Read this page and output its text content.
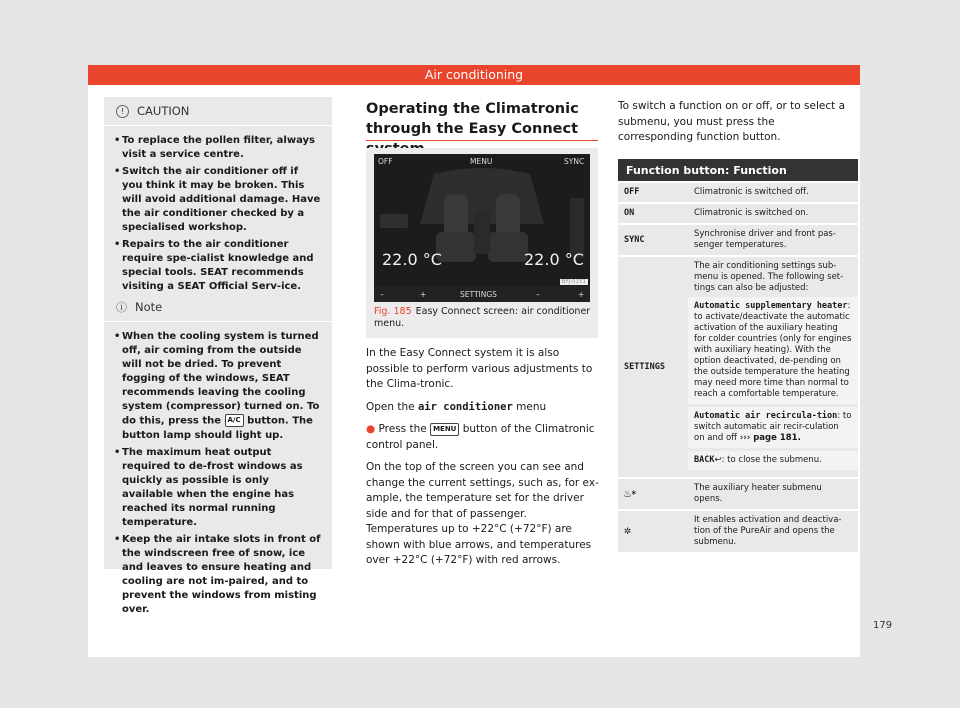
Air conditioning
! CAUTION
• To replace the pollen filter, always visit a service centre.
• Switch the air conditioner off if you think it may be broken. This will avoid additional damage. Have the air conditioner checked by a specialised workshop.
• Repairs to the air conditioner require spe-cialist knowledge and special tools. SEAT recommends visiting a SEAT Official Serv-ice.
ⓘ Note
• When the cooling system is turned off, air coming from the outside will not be dried. To prevent fogging of the windows, SEAT recommends leaving the cooling system (compressor) turned on. To do this, press the A/C button. The button lamp should light up.
• The maximum heat output required to de-frost windows as quickly as possible is only available when the engine has reached its normal running temperature.
• Keep the air intake slots in front of the windscreen free of snow, ice and leaves to ensure heating and cooling are not im-paired, and to prevent the windows from misting over.
Operating the Climatronic through the Easy Connect
OFF	MENU	SYNC
22.0 °C	22.0 °C
–	+	SETTINGS	–	+
BFJ-0151
Fig. 185 Easy Connect screen: air conditioner menu.

In the Easy Connect system it is also possible to perform various adjustments to the Clima-tronic.

Open the air conditioner menu

● Press the MENU button of the Climatronic control panel.

On the top of the screen you can see and change the current settings, such as, for ex-ample, the temperature set for the driver side and for that of passenger. Temperatures up to +22°C (+72°F) are shown with blue arrows, and temperatures over +22°C (+72°F) with red arrows.

To switch a function on or off, or to select a submenu, you must press the corresponding function button.
Function button: Function	
OFF	Climatronic is switched off.
ON	Climatronic is switched on.
SYNC	Synchronise driver and front pas-senger temperatures.
SETTINGS	The air conditioning settings sub-menu is opened. The following set-tings can also be adjusted:
Automatic supplementary heater: to activate/deactivate the automatic activation of the auxiliary heating for colder countries (only for engines with auxiliary heating). With the option deactivated, de-pending on the outside temperature the heating may need more time than normal to reach a comfortable temperature.
Automatic air recircula-tion: to switch automatic air recir-culation on and off ››› page 181.
BACK↩: to close the submenu.

♨*	The auxiliary heater submenu opens.
✲	It enables activation and deactiva-tion of the PureAir and opens the submenu.
179
